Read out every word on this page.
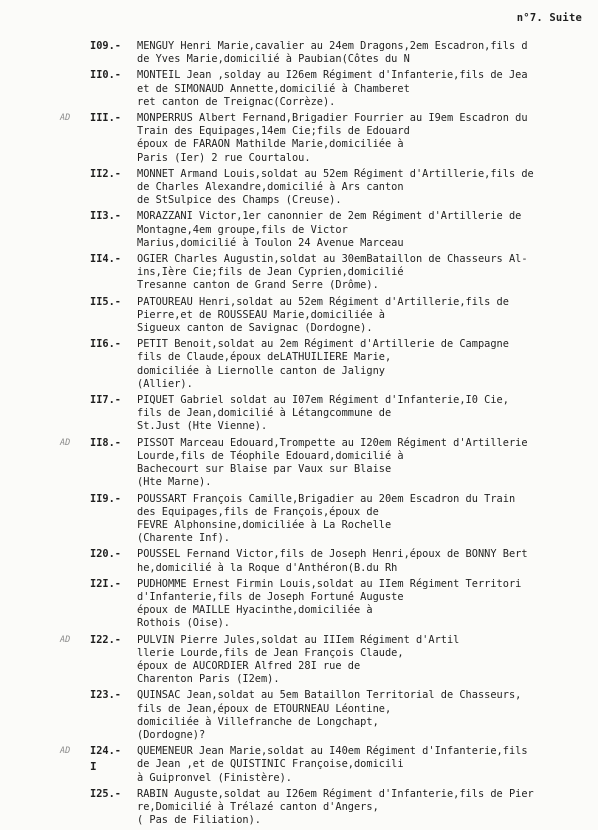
n°7. Suite
I09.- MENGUY Henri Marie,cavalier au 24em Dragons,2em Escadron,fils d
de Yves Marie,domicilié à Paubian(Côtes du N
II0.- MONTEIL Jean ,solday au I26em Régiment d'Infanterie,fils de Jea
et de SIMONAUD Annette,domicilié à Chamberet
ret canton de Treignac(Corrèze).
AD III.- MONPERRUS Albert Fernand,Brigadier Fourrier au I9em Escadron du
Train des Equipages,14em Cie;fils de Edouard
époux de FARAON Mathilde Marie,domiciliée à
Paris (Ier) 2 rue Courtalou.
II2.- MONNET Armand Louis,soldat au 52em Régiment d'Artillerie,fils de
de Charles Alexandre,domicilié à Ars canton
de StSulpice des Champs (Creuse).
II3.- MORAZZANI Victor,1er canonnier de 2em Régiment d'Artillerie de
Montagne,4em groupe,fils de Victor
Marius,domicilié à Toulon 24 Avenue Marceau
II4.- OGIER Charles Augustin,soldat au 30emBataillon de Chasseurs Al-
ins,Ière Cie;fils de Jean Cyprien,domicilié
Tresanne canton de Grand Serre (Drôme).
II5.- PATOUREAU Henri,soldat au 52em Régiment d'Artillerie,fils de
Pierre,et de ROUSSEAU Marie,domiciliée à
Sigueux canton de Savignac (Dordogne).
II6.- PETIT Benoit,soldat au 2em Régiment d'Artillerie de Campagne
fils de Claude,époux deLATHUILIERE Marie,
domiciliée à Liernolle canton de Jaligny
(Allier).
II7.- PIQUET Gabriel soldat au I07em Régiment d'Infanterie,I0 Cie,
fils de Jean,domicilié à Létangcommune de
St.Just (Hte Vienne).
AD II8.- PISSOT Marceau Edouard,Trompette au I20em Régiment d'Artillerie
Lourde,fils de Téophile Edouard,domicilié à
Bachecourt sur Blaise par Vaux sur Blaise
(Hte Marne).
II9.- POUSSART François Camille,Brigadier au 20em Escadron du Train
des Equipages,fils de François,époux de
FEVRE Alphonsine,domiciliée à La Rochelle
(Charente Inf).
I20.- POUSSEL Fernand Victor,fils de Joseph Henri,époux de BONNY Bert
he,domicilié à la Roque d'Anthéron(B.du Rh
I2I.- PUDHOMME Ernest Firmin Louis,soldat au IIem Régiment Territori
d'Infanterie,fils de Joseph Fortuné Auguste
époux de MAILLE Hyacinthe,domiciliée à
Rothois (Oise).
AD I22.- PULVIN Pierre Jules,soldat au IIIem Régiment d'Artil
llerie Lourde,fils de Jean François Claude,
époux de AUCORDIER Alfred 28I rue de
Charenton Paris (I2em).
I23.- QUINSAC Jean,soldat au 5em Bataillon Territorial de Chasseurs,
fils de Jean,époux de ETOURNEAU Léontine,
domiciliée à Villefranche de Longchapt,
(Dordogne)?
AD I24.- QUEMENEUR Jean Marie,soldat au I40em Régiment d'Infanterie,fils
de Jean ,et de QUISTINIC Françoise,domicili
à Guipronvel (Finistère).
I25.- RABIN Auguste,soldat au I26em Régiment d'Infanterie,fils de Pier
re,Domicilié à Trélazé canton d'Angers,
( Pas de Filiation).
I
